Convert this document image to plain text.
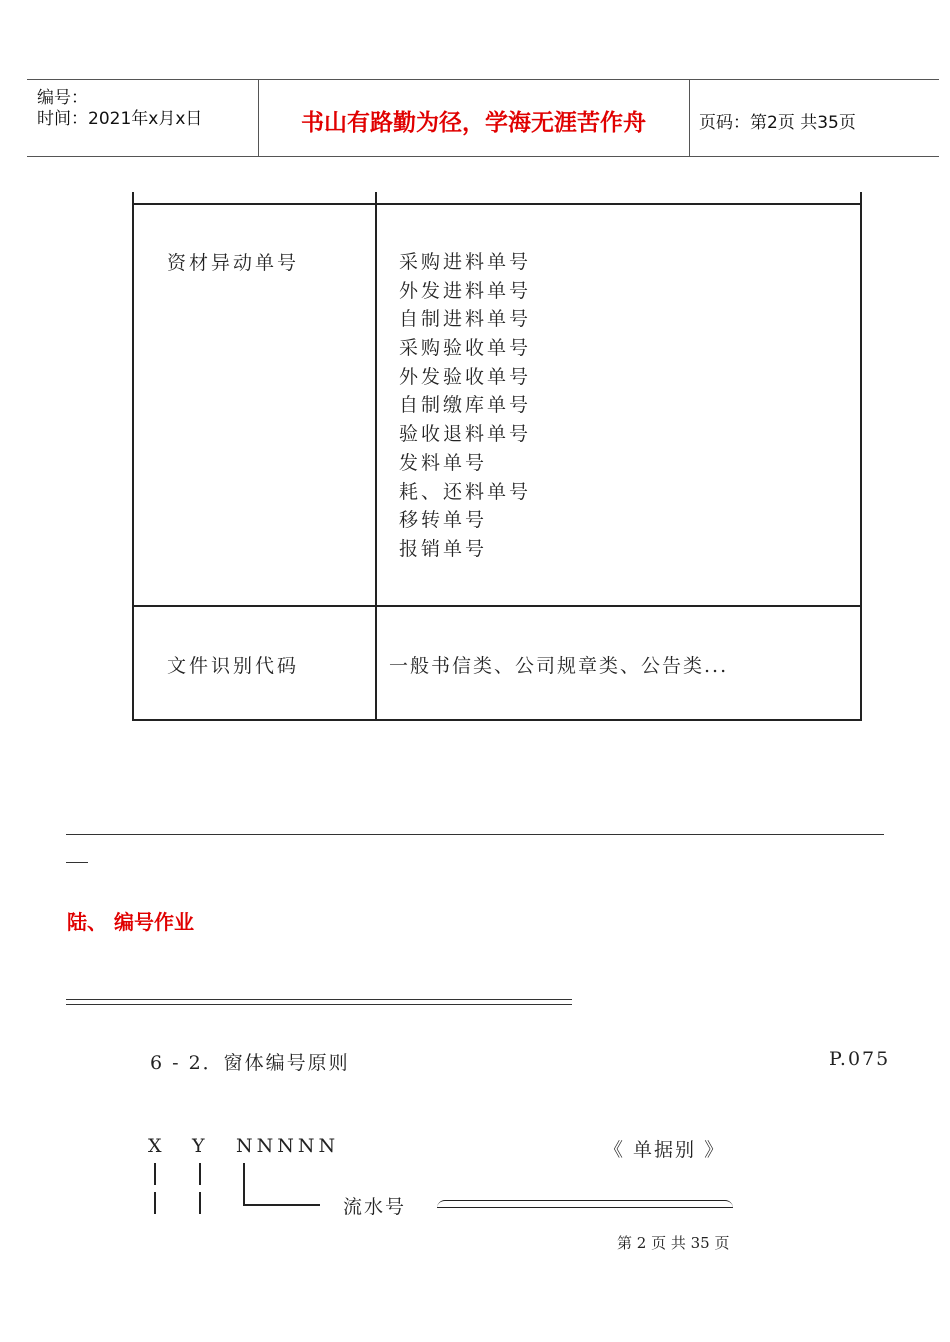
编号：
时间：2021年x月x日	书山有路勤为径，学海无涯苦作舟	页码：第2页 共35页
资材异动单号	采购进料单号
外发进料单号
自制进料单号
采购验收单号
外发验收单号
自制缴库单号
验收退料单号
发料单号
耗、还料单号
移转单号
报销单号
文件识别代码	一般书信类、公司规章类、公告类...
陆、 编号作业
6 - 2．窗体编号原则	P.075
X Y NNNNN	《 单据别 》
流水号
第 2 页 共 35 页
